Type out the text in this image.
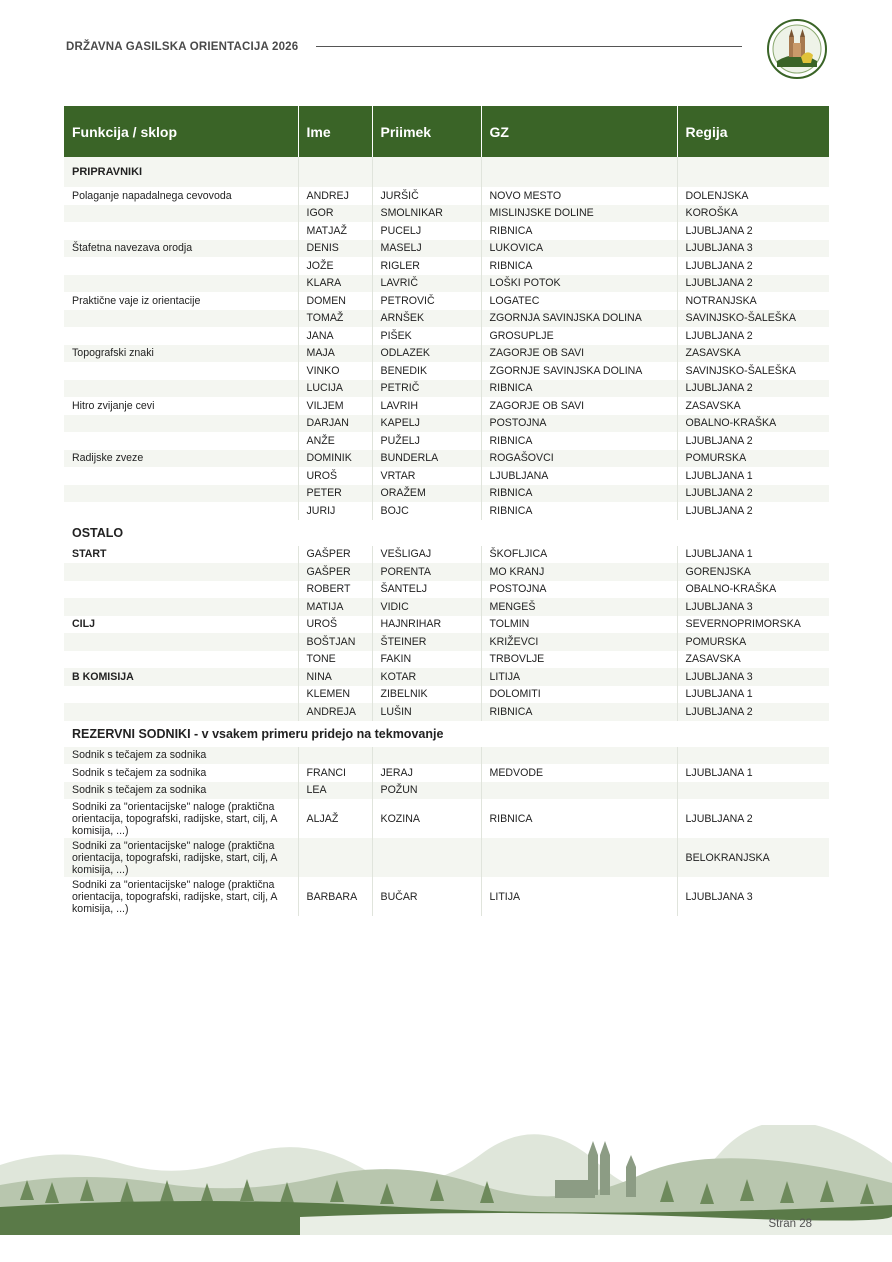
DRŽAVNA GASILSKA ORIENTACIJA 2026
Funkcija / sklop	Ime	Priimek	GZ	Regija
PRIPRAVNIKI				
Polaganje napadalnega cevovoda	ANDREJ	JURŠIČ	NOVO MESTO	DOLENJSKA
	IGOR	SMOLNIKAR	MISLINJSKE DOLINE	KOROŠKA
	MATJAŽ	PUCELJ	RIBNICA	LJUBLJANA 2
Štafetna navezava orodja	DENIS	MASELJ	LUKOVICA	LJUBLJANA 3
	JOŽE	RIGLER	RIBNICA	LJUBLJANA 2
	KLARA	LAVRIČ	LOŠKI POTOK	LJUBLJANA 2
Praktične vaje iz orientacije	DOMEN	PETROVIČ	LOGATEC	NOTRANJSKA
	TOMAŽ	ARNŠEK	ZGORNJA SAVINJSKA DOLINA	SAVINJSKO-ŠALEŠKA
	JANA	PIŠEK	GROSUPLJE	LJUBLJANA 2
Topografski znaki	MAJA	ODLAZEK	ZAGORJE OB SAVI	ZASAVSKA
	VINKO	BENEDIK	ZGORNJE SAVINJSKA DOLINA	SAVINJSKO-ŠALEŠKA
	LUCIJA	PETRIČ	RIBNICA	LJUBLJANA 2
Hitro zvijanje cevi	VILJEM	LAVRIH	ZAGORJE OB SAVI	ZASAVSKA
	DARJAN	KAPELJ	POSTOJNA	OBALNO-KRAŠKA
	ANŽE	PUŽELJ	RIBNICA	LJUBLJANA 2
Radijske zveze	DOMINIK	BUNDERLA	ROGAŠOVCI	POMURSKA
	UROŠ	VRTAR	LJUBLJANA	LJUBLJANA 1
	PETER	ORAŽEM	RIBNICA	LJUBLJANA 2
	JURIJ	BOJC	RIBNICA	LJUBLJANA 2
OSTALO				
START	GAŠPER	VEŠLIGAJ	ŠKOFLJICA	LJUBLJANA 1
	GAŠPER	PORENTA	MO KRANJ	GORENJSKA
	ROBERT	ŠANTELJ	POSTOJNA	OBALNO-KRAŠKA
	MATIJA	VIDIC	MENGEŠ	LJUBLJANA 3
CILJ	UROŠ	HAJNRIHAR	TOLMIN	SEVERNOPRIMORSKA
	BOŠTJAN	ŠTEINER	KRIŽEVCI	POMURSKA
	TONE	FAKIN	TRBOVLJE	ZASAVSKA
B KOMISIJA	NINA	KOTAR	LITIJA	LJUBLJANA 3
	KLEMEN	ZIBELNIK	DOLOMITI	LJUBLJANA 1
	ANDREJA	LUŠIN	RIBNICA	LJUBLJANA 2
REZERVNI SODNIKI - v vsakem primeru pridejo na tekmovanje				
Sodnik s tečajem za sodnika				
Sodnik s tečajem za sodnika	FRANCI	JERAJ	MEDVODE	LJUBLJANA 1
Sodnik s tečajem za sodnika	LEA	POŽUN		
Sodniki za "orientacijske" naloge (praktična orientacija, topografski, radijske, start, cilj, A komisija, ...)	ALJAŽ	KOZINA	RIBNICA	LJUBLJANA 2
Sodniki za "orientacijske" naloge (praktična orientacija, topografski, radijske, start, cilj, A komisija, ...)				BELOKRANJSKA
Sodniki za "orientacijske" naloge (praktična orientacija, topografski, radijske, start, cilj, A komisija, ...)	BARBARA	BUČAR	LITIJA	LJUBLJANA 3
Stran 28
